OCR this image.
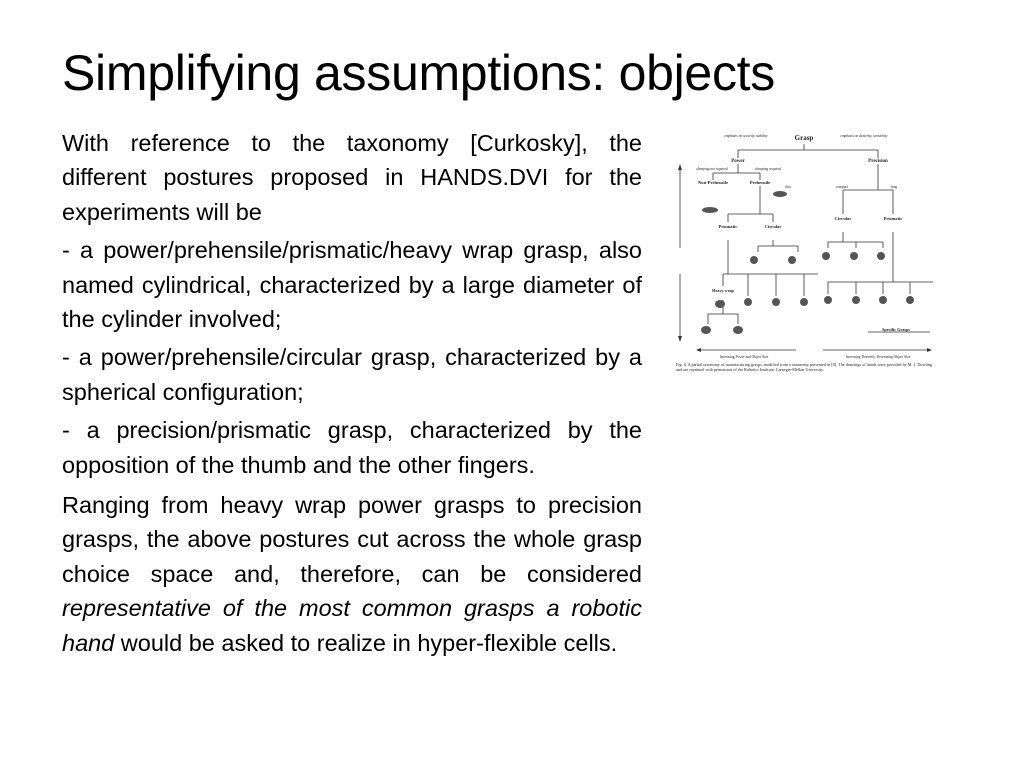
Simplifying assumptions: objects

With reference to the taxonomy [Curkosky], the different postures proposed in HANDS.DVI for the experiments will be

- a power/prehensile/prismatic/heavy wrap grasp, also named cylindrical, characterized by a large diameter of the cylinder involved;

- a power/prehensile/circular grasp, characterized by a spherical configuration;

- a precision/prismatic grasp, characterized by the opposition of the thumb and the other fingers.

Ranging from heavy wrap power grasps to precision grasps, the above postures cut across the whole grasp choice space and, therefore, can be considered representative of the most common grasps a robotic hand would be asked to realize in hyper-flexible cells.

Grasp
emphasis on security, stability	emphasis on dexterity, sensitivity
Power	Precision
clamping not required	clamping required
Non-Prehensile	Prehensile
compact	long
thin
Prismatic	Circular
Circular	Prismatic
Heavy wrap
Specific Grasps
Increasing Power and Object Size	Increasing Dexterity, Decreasing Object Size
Fig. 4. A partial taxonomy of manufacturing grasps, modified from a taxonomy presented in [8]. The drawings of hands were provided by M. J. Dowling and are reprinted with permission of the Robotics Institute, Carnegie-Mellon University.
